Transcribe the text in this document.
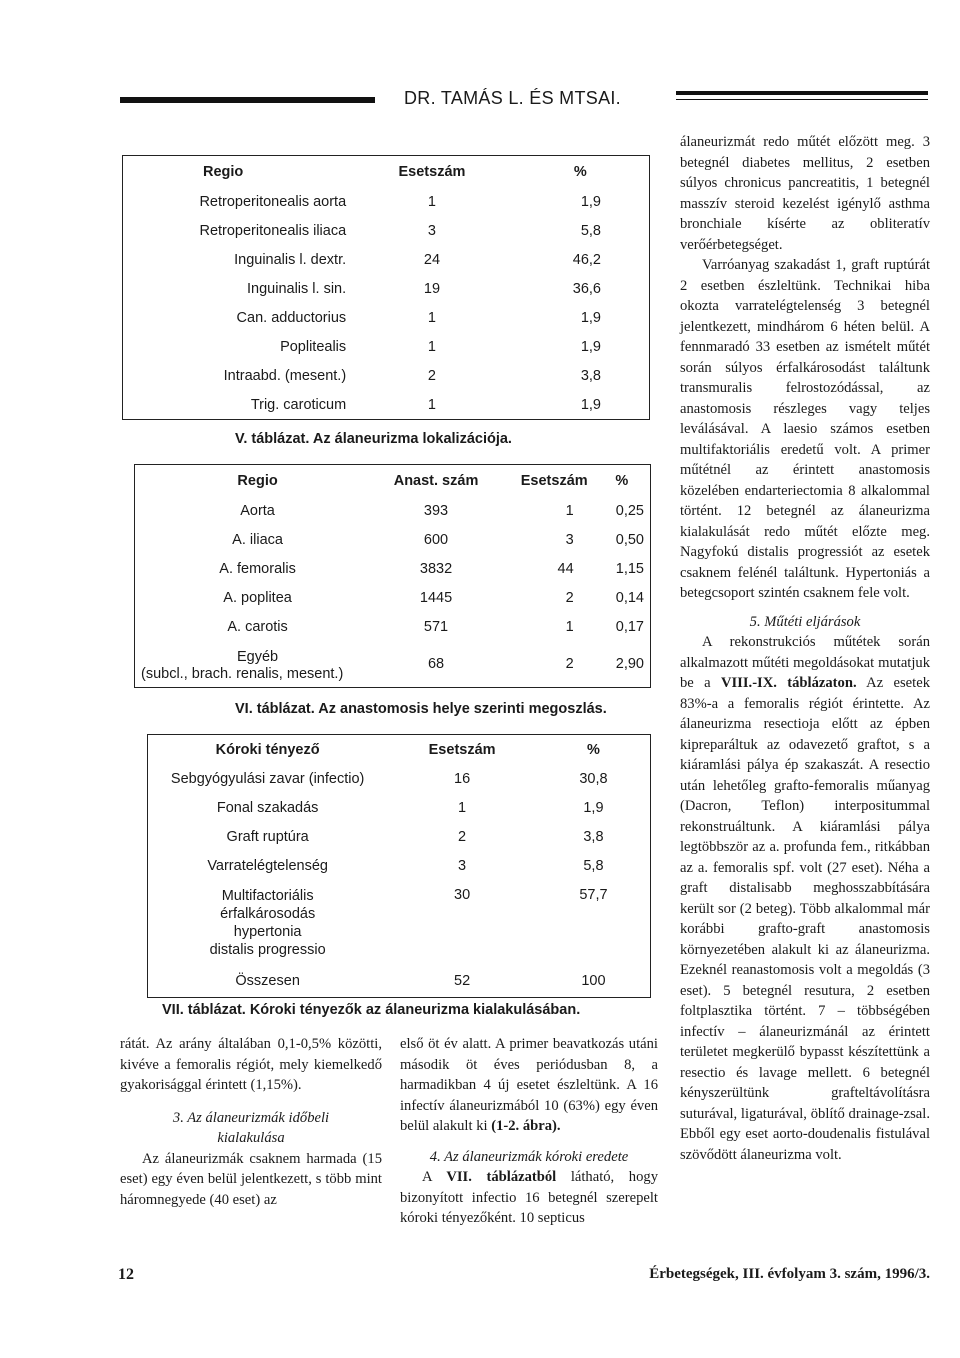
DR. TAMÁS L. ÉS MTSAI.
Regio	Esetszám	%
Retroperitonealis aorta	1	1,9
Retroperitonealis iliaca	3	5,8
Inguinalis l. dextr.	24	46,2
Inguinalis l. sin.	19	36,6
Can. adductorius	1	1,9
Poplitealis	1	1,9
Intraabd. (mesent.)	2	3,8
Trig. caroticum	1	1,9
V. táblázat. Az álaneurizma lokalizációja.
Regio	Anast. szám	Esetszám	%
Aorta	393	1	0,25
A. iliaca	600	3	0,50
A. femoralis	3832	44	1,15
A. poplitea	1445	2	0,14
A. carotis	571	1	0,17

Egyéb
(subcl., brach. renalis, mesent.)	68	2	2,90
VI. táblázat. Az anastomosis helye szerinti megoszlás.
Kóroki tényező	Esetszám	%
Sebgyógyulási zavar (infectio)	16	30,8
Fonal szakadás	1	1,9
Graft ruptúra	2	3,8
Varratelégtelenség	3	5,8

Multifactoriális
érfalkárosodás
hypertonia
distalis progressio	30	57,7
Összesen	52	100
VII. táblázat. Kóroki tényezők az álaneurizma kialakulásában.

rátát. Az arány általában 0,1-0,5% közötti, kivéve a femoralis régiót, mely kiemelkedő gyakorisággal érintett (1,15%).

3. Az álaneurizmák időbeli kialakulása

Az álaneurizmák csaknem harmada (15 eset) egy éven belül jelentkezett, s több mint háromnegyede (40 eset) az

első öt év alatt. A primer beavatkozás utáni második öt éves periódusban 8, a harmadikban 4 új esetet észleltünk. A 16 infectív álaneurizmából 10 (63%) egy éven belül alakult ki (1-2. ábra).

4. Az álaneurizmák kóroki eredete

A VII. táblázatból látható, hogy bizonyított infectio 16 betegnél szerepelt kóroki tényezőként. 10 septicus

álaneurizmát redo műtét előzött meg. 3 betegnél diabetes mellitus, 2 esetben súlyos chronicus pancreatitis, 1 betegnél masszív steroid kezelést igénylő asthma bronchiale kísérte az obliteratív verőérbetegséget.

Varróanyag szakadást 1, graft ruptúrát 2 esetben észleltünk. Technikai hiba okozta varratelégtelenség 3 betegnél jelentkezett, mindhárom 6 héten belül. A fennmaradó 33 esetben az ismételt műtét során súlyos érfalkárosodást találtunk transmuralis felrostozódással, az anastomosis részleges vagy teljes leválásával. A laesio számos esetben multifaktoriális eredetű volt. A primer műtétnél az érintett anastomosis közelében endarteriectomia 8 alkalommal történt. 12 betegnél az álaneurizma kialakulását redo műtét előzte meg. Nagyfokú distalis progressiót az esetek csaknem felénél találtunk. Hypertoniás a betegcsoport szintén csaknem fele volt.

5. Műtéti eljárások

A rekonstrukciós műtétek során alkalmazott műtéti megoldásokat mutatjuk be a VIII.-IX. táblázaton. Az esetek 83%-a a femoralis régiót érintette. Az álaneurizma resectioja előtt az épben kipreparáltuk az odavezető graftot, s a kiáramlási pálya ép szakaszát. A resectio után lehetőleg grafto-femoralis műanyag (Dacron, Teflon) interpositummal rekonstruáltunk. A kiáramlási pálya legtöbbször az a. profunda fem., ritkábban az a. femoralis spf. volt (27 eset). Néha a graft distalisabb meghosszabbítására került sor (2 beteg). Több alkalommal már korábbi grafto-graft anastomosis környezetében alakult ki az álaneurizma. Ezeknél reanastomosis volt a megoldás (3 eset). 5 betegnél resutura, 2 esetben foltplasztika történt. 7 – többségében infectív – álaneurizmánál az érintett területet megkerülő bypasst készítettünk a resectio és lavage mellett. 6 betegnél kényszerültünk grafteltávolításra suturával, ligaturával, öblítő drainage-zsal. Ebből egy eset aorto-doudenalis fistulával szövődött álaneurizma volt.

12	Érbetegségek, III. évfolyam 3. szám, 1996/3.
